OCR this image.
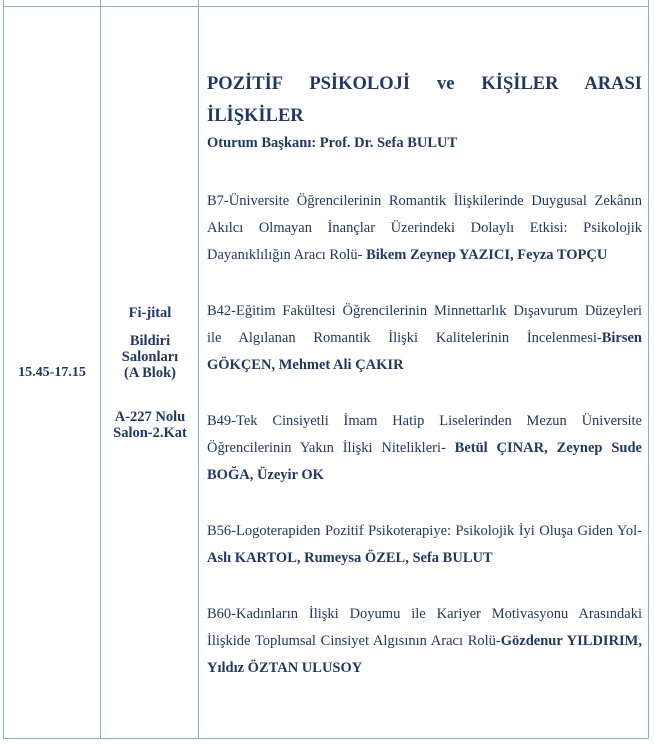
15.45-17.15
Fi-jital
Bildiri
Salonları
(A Blok)
A-227 Nolu
Salon-2.Kat
POZİTİF PSİKOLOJİ ve KİŞİLER ARASI
İLİŞKİLER
Oturum Başkanı: Prof. Dr. Sefa BULUT

B7-Üniversite Öğrencilerinin Romantik İlişkilerinde Duygusal Zekânın Akılcı Olmayan İnançlar Üzerindeki Dolaylı Etkisi: Psikolojik Dayanıklılığın Aracı Rolü- Bikem Zeynep YAZICI, Feyza TOPÇU

B42-Eğitim Fakültesi Öğrencilerinin Minnettarlık Dışavurum Düzeyleri ile Algılanan Romantik İlişki Kalitelerinin İncelenmesi-Birsen GÖKÇEN, Mehmet Ali ÇAKIR

B49-Tek Cinsiyetli İmam Hatip Liselerinden Mezun Üniversite Öğrencilerinin Yakın İlişki Nitelikleri- Betül ÇINAR, Zeynep Sude BOĞA, Üzeyir OK

B56-Logoterapiden Pozitif Psikoterapiye: Psikolojik İyi Oluşa Giden Yol-Aslı KARTOL, Rumeysa ÖZEL, Sefa BULUT

B60-Kadınların İlişki Doyumu ile Kariyer Motivasyonu Arasındaki İlişkide Toplumsal Cinsiyet Algısının Aracı Rolü-Gözdenur YILDIRIM, Yıldız ÖZTAN ULUSOY
